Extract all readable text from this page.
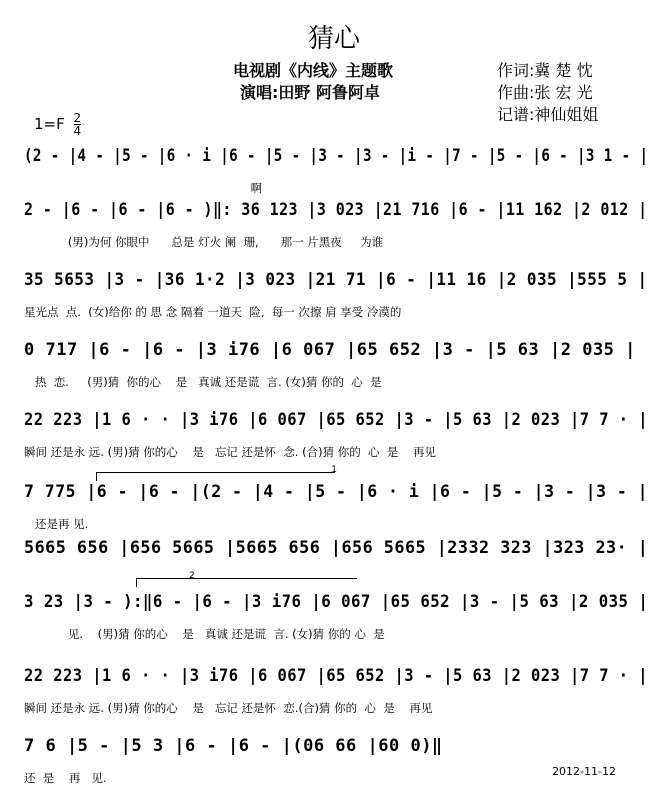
猜心
电视剧《内线》主题歌
演唱:田野 阿鲁阿卓
作词:冀 楚 忱
作曲:张 宏 光
记谱:神仙姐姐
$1=F \frac{2}{4}$
(2 - |4 - |5 - |6 · i |6 - |5 - |3 - |3 - |i - |7 - |5 - |6 - |3 1 - |
啊
2 - |6 - |6 - |6 - )‖: 36 123 |3 023 |21 716 |6 - |11 162 |2 012 |
(男)为何 你眼中      总是 灯火 阑  珊,      那一 片黑夜     为谁
35 5653 |3 - |36 1·2 |3 023 |21 71 |6 - |11 16 |2 035 |555 5 |
星光点  点.  (女)给你 的 思 念 隔着 一道天  险,  每一 次擦 肩 享受 冷漠的
0 717 |6 - |6 - |3 i76 |6 067 |65 652 |3 - |5 63 |2 035 |
热  恋.     (男)猜  你的心    是   真诚 还是谎  言. (女)猜 你的  心  是
22 223 |1 6 · · |3 i76 |6 067 |65 652 |3 - |5 63 |2 023 |7 7 · |
瞬间 还是永 远. (男)猜 你的心    是   忘记 还是怀  念. (合)猜 你的  心  是    再见
1
7 775 |6 - |6 - |(2 - |4 - |5 - |6 · i |6 - |5 - |3 - |3 - |
还是再 见.
5665 656 |656 5665 |5665 656 |656 5665 |2332 323 |323 23· |
2
3 23 |3 - ):‖6 - |6 - |3 i76 |6 067 |65 652 |3 - |5 63 |2 035 |
见.    (男)猜 你的心    是   真诚 还是谎  言. (女)猜 你的 心  是
22 223 |1 6 · · |3 i76 |6 067 |65 652 |3 - |5 63 |2 023 |7 7 · |
瞬间 还是永 远. (男)猜 你的心    是   忘记 还是怀  恋.(合)猜 你的  心  是    再见
7 6 |5 - |5 3 |6 - |6 - |(06 66 |60 0)‖
还  是    再   见.	2012-11-12
